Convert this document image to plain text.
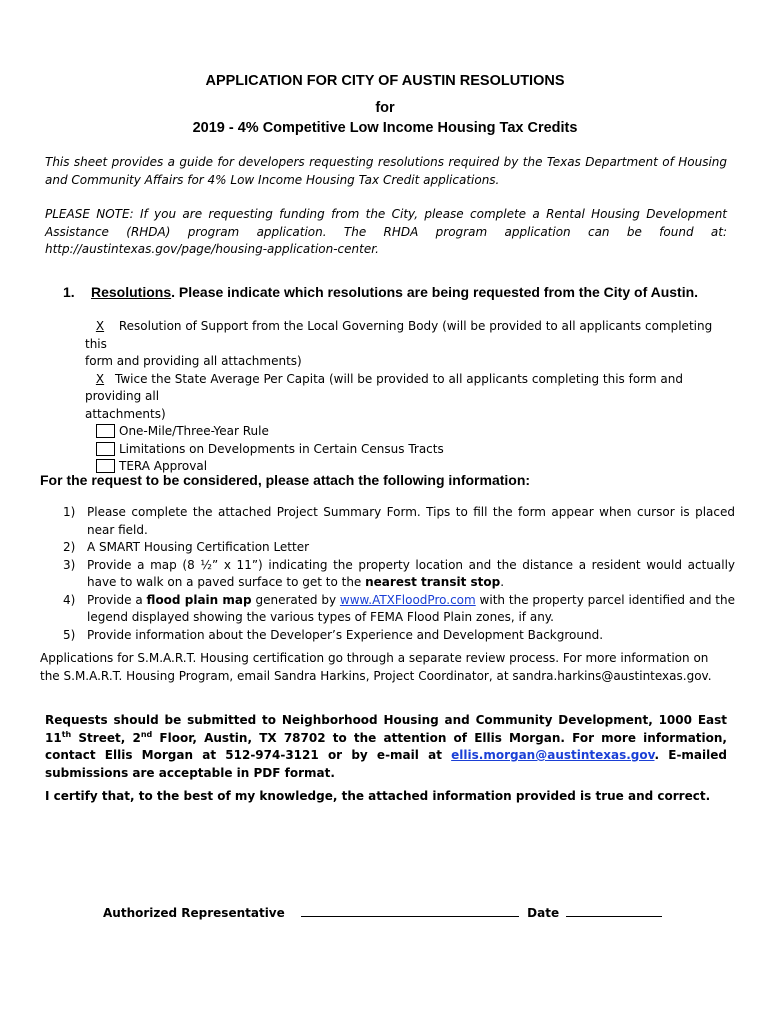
APPLICATION FOR CITY OF AUSTIN RESOLUTIONS
for
2019 - 4% Competitive Low Income Housing Tax Credits
This sheet provides a guide for developers requesting resolutions required by the Texas Department of Housing and Community Affairs for 4% Low Income Housing Tax Credit applications.
PLEASE NOTE: If you are requesting funding from the City, please complete a Rental Housing Development Assistance (RHDA) program application. The RHDA program application can be found at: http://austintexas.gov/page/housing-application-center.
1. Resolutions. Please indicate which resolutions are being requested from the City of Austin.
X Resolution of Support from the Local Governing Body (will be provided to all applicants completing this
form and providing all attachments)
X Twice the State Average Per Capita (will be provided to all applicants completing this form and providing all
attachments)
One-Mile/Three-Year Rule
Limitations on Developments in Certain Census Tracts
TERA Approval
For the request to be considered, please attach the following information:
1) Please complete the attached Project Summary Form. Tips to fill the form appear when cursor is placed near field.
2) A SMART Housing Certification Letter
3) Provide a map (8 ½” x 11”) indicating the property location and the distance a resident would actually have to walk on a paved surface to get to the nearest transit stop.
4) Provide a flood plain map generated by www.ATXFloodPro.com with the property parcel identified and the legend displayed showing the various types of FEMA Flood Plain zones, if any.
5) Provide information about the Developer’s Experience and Development Background.
Applications for S.M.A.R.T. Housing certification go through a separate review process. For more information on the S.M.A.R.T. Housing Program, email Sandra Harkins, Project Coordinator, at sandra.harkins@austintexas.gov.
Requests should be submitted to Neighborhood Housing and Community Development, 1000 East 11th Street, 2nd Floor, Austin, TX 78702 to the attention of Ellis Morgan. For more information, contact Ellis Morgan at 512-974-3121 or by e-mail at ellis.morgan@austintexas.gov. E-mailed submissions are acceptable in PDF format.
I certify that, to the best of my knowledge, the attached information provided is true and correct.
Authorized Representative	Date
